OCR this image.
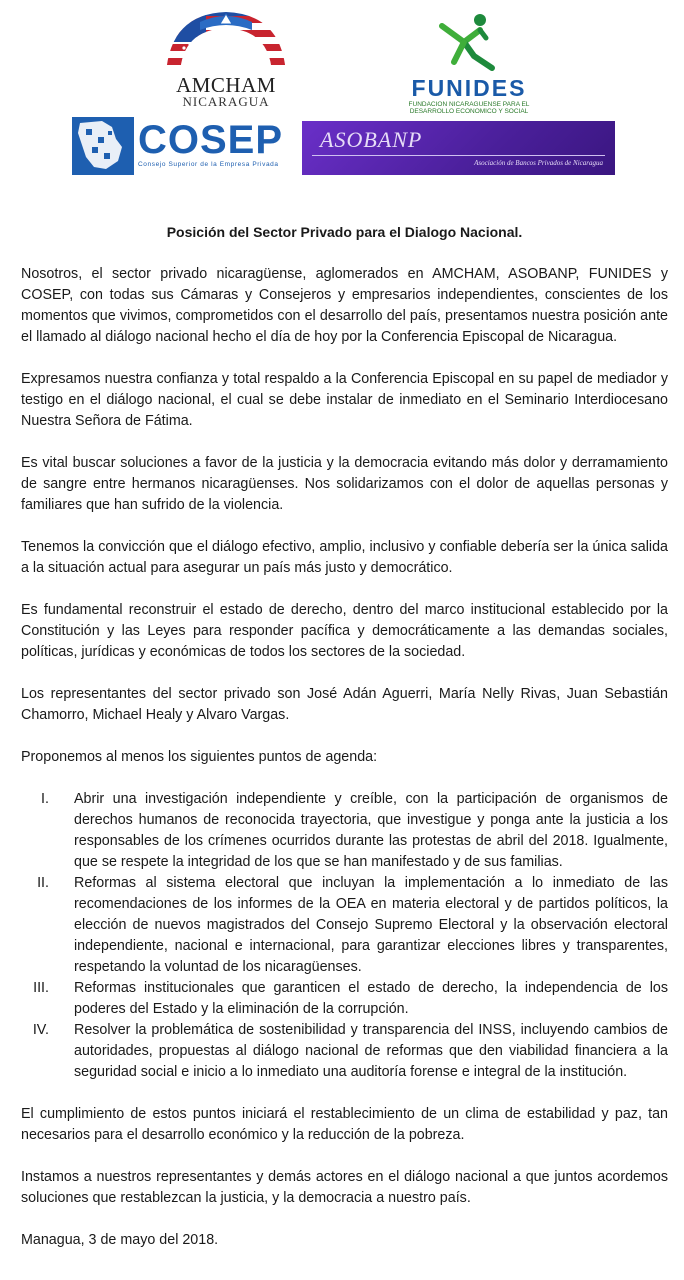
AMCHAM
NICARAGUA
FUNIDES
FUNDACION NICARAGUENSE PARA EL
DESARROLLO ECONOMICO Y SOCIAL
COSEP
Consejo Superior de la Empresa Privada
ASOBANP
Asociación de Bancos Privados de Nicaragua
Posición del Sector Privado para el Dialogo Nacional.

Nosotros, el sector privado nicaragüense, aglomerados en AMCHAM, ASOBANP, FUNIDES y COSEP, con todas sus Cámaras y Consejeros y empresarios independientes, conscientes de los momentos que vivimos, comprometidos con el desarrollo del país, presentamos nuestra posición ante el llamado al diálogo nacional hecho el día de hoy por la Conferencia Episcopal de Nicaragua.

Expresamos nuestra confianza y total respaldo a la Conferencia Episcopal en su papel de mediador y testigo en el diálogo nacional, el cual se debe instalar de inmediato en el Seminario Interdiocesano Nuestra Señora de Fátima.

Es vital buscar soluciones a favor de la justicia y la democracia evitando más dolor y derramamiento de sangre entre hermanos nicaragüenses. Nos solidarizamos con el dolor de aquellas personas y familiares que han sufrido de la violencia.

Tenemos la convicción que el diálogo efectivo, amplio, inclusivo y confiable debería ser la única salida a la situación actual para asegurar un país más justo y democrático.

Es fundamental reconstruir el estado de derecho, dentro del marco institucional establecido por la Constitución y las Leyes para responder pacífica y democráticamente a las demandas sociales, políticas, jurídicas y económicas de todos los sectores de la sociedad.

Los representantes del sector privado son José Adán Aguerri, María Nelly Rivas, Juan Sebastián Chamorro, Michael Healy y Alvaro Vargas.

Proponemos al menos los siguientes puntos de agenda:

I. Abrir una investigación independiente y creíble, con la participación de organismos de derechos humanos de reconocida trayectoria, que investigue y ponga ante la justicia a los responsables de los crímenes ocurridos durante las protestas de abril del 2018. Igualmente, que se respete la integridad de los que se han manifestado y de sus familias.
II. Reformas al sistema electoral que incluyan la implementación a lo inmediato de las recomendaciones de los informes de la OEA en materia electoral y de partidos políticos, la elección de nuevos magistrados del Consejo Supremo Electoral y la observación electoral independiente, nacional e internacional, para garantizar elecciones libres y transparentes, respetando la voluntad de los nicaragüenses.
III. Reformas institucionales que garanticen el estado de derecho, la independencia de los poderes del Estado y la eliminación de la corrupción.
IV. Resolver la problemática de sostenibilidad y transparencia del INSS, incluyendo cambios de autoridades, propuestas al diálogo nacional de reformas que den viabilidad financiera a la seguridad social e inicio a lo inmediato una auditoría forense e integral de la institución.

El cumplimiento de estos puntos iniciará el restablecimiento de un clima de estabilidad y paz, tan necesarios para el desarrollo económico y la reducción de la pobreza.

Instamos a nuestros representantes y demás actores en el diálogo nacional a que juntos acordemos soluciones que restablezcan la justicia, y la democracia a nuestro país.

Managua, 3 de mayo del 2018.
